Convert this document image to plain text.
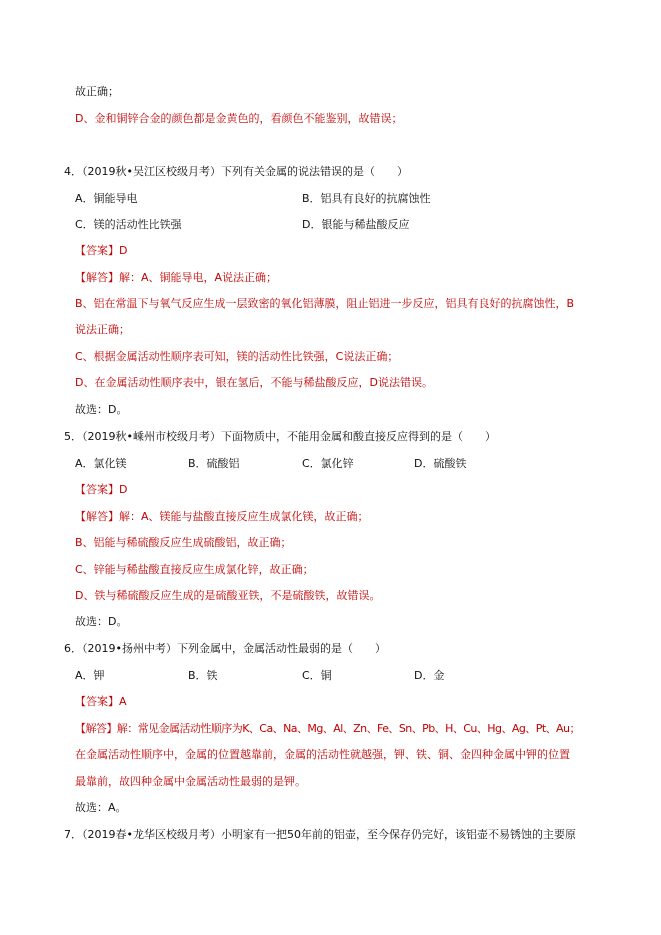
故正确；
D、金和铜锌合金的颜色都是金黄色的，看颜色不能鉴别，故错误；
4．（2019秋•吴江区校级月考）下列有关金属的说法错误的是（　　）
A．铜能导电	B．铝具有良好的抗腐蚀性
C．镁的活动性比铁强	D．银能与稀盐酸反应
【答案】D
【解答】解：A、铜能导电，A说法正确；
B、铝在常温下与氧气反应生成一层致密的氧化铝薄膜，阻止铝进一步反应，铝具有良好的抗腐蚀性，B
说法正确；
C、根据金属活动性顺序表可知，镁的活动性比铁强，C说法正确；
D、在金属活动性顺序表中，银在氢后，不能与稀盐酸反应，D说法错误。
故选：D。
5．（2019秋•嵊州市校级月考）下面物质中，不能用金属和酸直接反应得到的是（　　）
A．氯化镁	B．硫酸铝	C．氯化锌	D．硫酸铁
【答案】D
【解答】解：A、镁能与盐酸直接反应生成氯化镁，故正确；
B、铝能与稀硫酸反应生成硫酸铝，故正确；
C、锌能与稀盐酸直接反应生成氯化锌，故正确；
D、铁与稀硫酸反应生成的是硫酸亚铁，不是硫酸铁，故错误。
故选：D。
6．（2019•扬州中考）下列金属中，金属活动性最弱的是（　　）
A．钾	B．铁	C．铜	D．金
【答案】A
【解答】解：常见金属活动性顺序为K、Ca、Na、Mg、Al、Zn、Fe、Sn、Pb、H、Cu、Hg、Ag、Pt、Au；
在金属活动性顺序中，金属的位置越靠前，金属的活动性就越强，钾、铁、铜、金四种金属中钾的位置
最靠前，故四种金属中金属活动性最弱的是钾。
故选：A。
7．（2019春•龙华区校级月考）小明家有一把50年前的铝壶，至今保存仍完好，该铝壶不易锈蚀的主要原
